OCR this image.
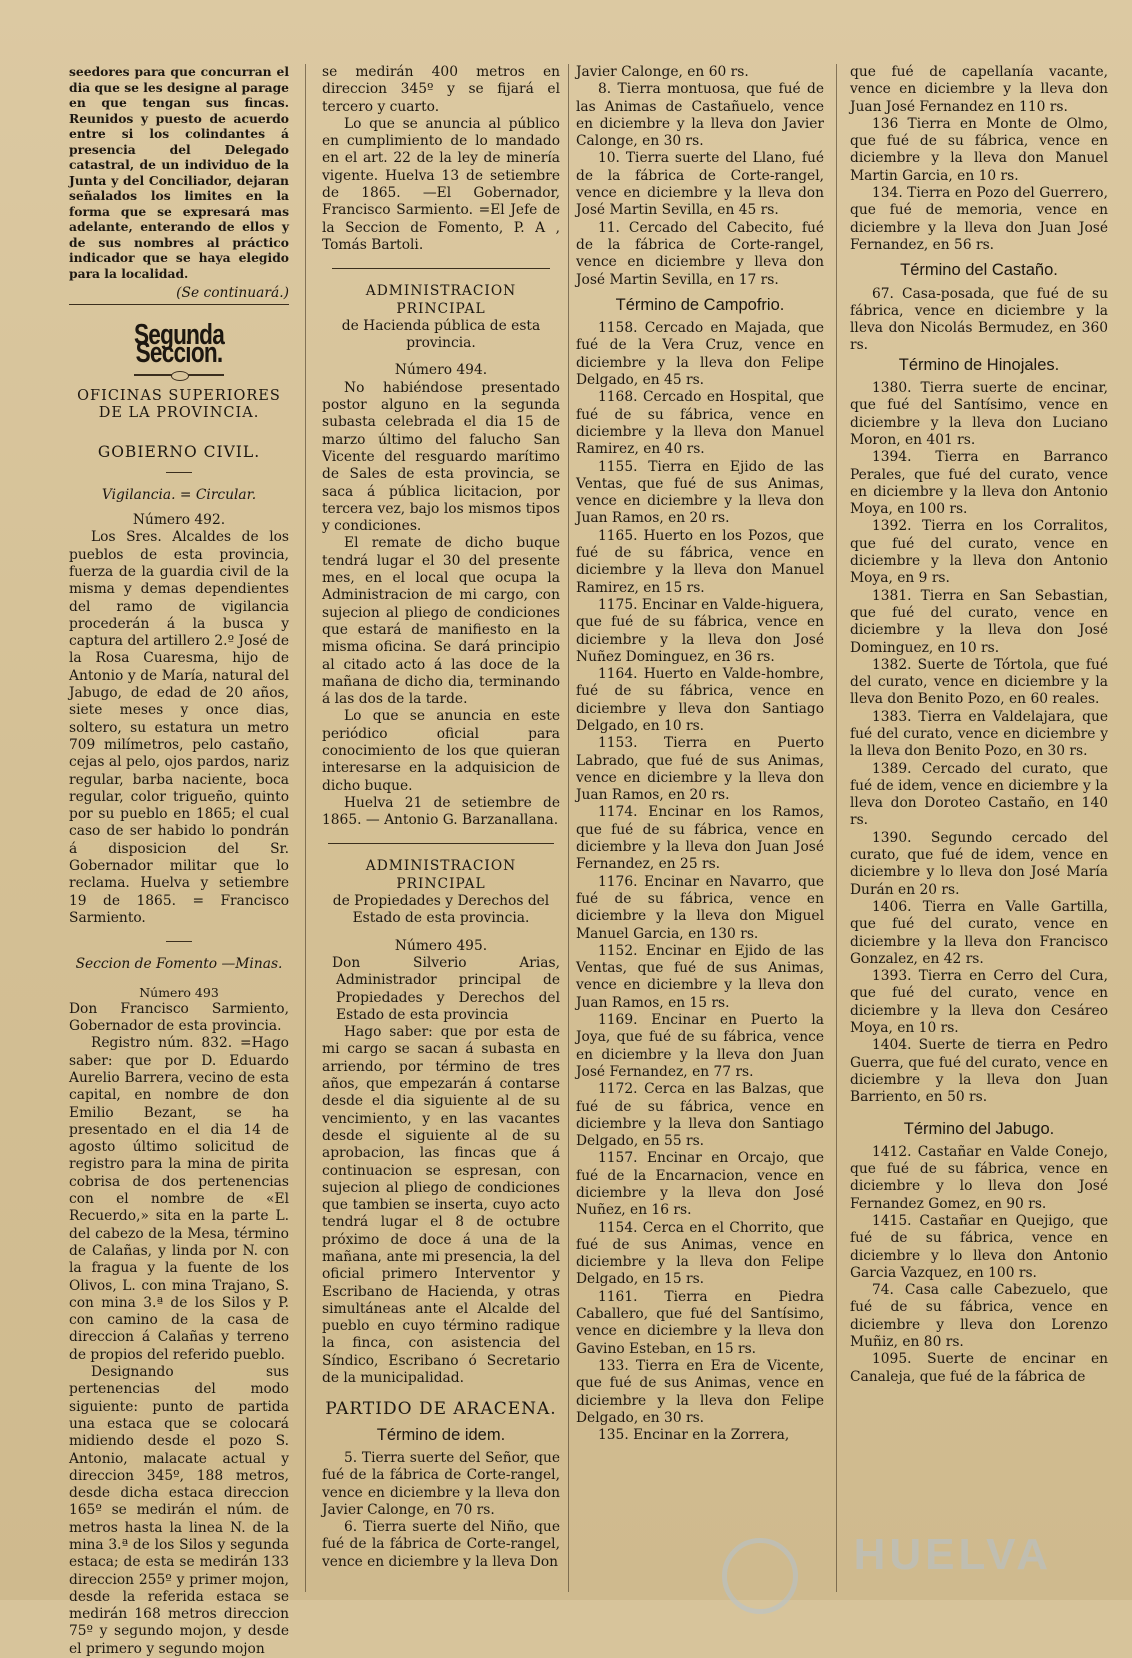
seedores para que concurran el dia que se les designe al parage en que tengan sus fincas. Reunidos y puesto de acuerdo entre si los colindantes á presencia del Delegado catastral, de un individuo de la Junta y del Conciliador, dejaran señalados los limites en la forma que se expresará mas adelante, enterando de ellos y de sus nombres al práctico indicador que se haya elegido para la localidad.

(Se continuará.)

Segunda Seccion.

OFICINAS SUPERIORES DE LA PROVINCIA.

GOBIERNO CIVIL.

Vigilancia. = Circular.

Número 492.

Los Sres. Alcaldes de los pueblos de esta provincia, fuerza de la guardia civil de la misma y demas dependientes del ramo de vigilancia procederán á la busca y captura del artillero 2.º José de la Rosa Cuaresma, hijo de Antonio y de María, natural del Jabugo, de edad de 20 años, siete meses y once dias, soltero, su estatura un metro 709 milímetros, pelo castaño, cejas al pelo, ojos pardos, nariz regular, barba naciente, boca regular, color trigueño, quinto por su pueblo en 1865; el cual caso de ser habido lo pondrán á disposicion del Sr. Gobernador militar que lo reclama. Huelva y setiembre 19 de 1865. = Francisco Sarmiento.

Seccion de Fomento —Minas.

Número 493

Don Francisco Sarmiento, Gobernador de esta provincia.

Registro núm. 832. =Hago saber: que por D. Eduardo Aurelio Barrera, vecino de esta capital, en nombre de don Emilio Bezant, se ha presentado en el dia 14 de agosto último solicitud de registro para la mina de pirita cobrisa de dos pertenencias con el nombre de «El Recuerdo,» sita en la parte L. del cabezo de la Mesa, término de Calañas, y linda por N. con la fragua y la fuente de los Olivos, L. con mina Trajano, S. con mina 3.ª de los Silos y P. con camino de la casa de direccion á Calañas y terreno de propios del referido pueblo.

Designando sus pertenencias del modo siguiente: punto de partida una estaca que se colocará midiendo desde el pozo S. Antonio, malacate actual y direccion 345º, 188 metros, desde dicha estaca direccion 165º se medirán el núm. de metros hasta la linea N. de la mina 3.ª de los Silos y segunda estaca; de esta se medirán 133 direccion 255º y primer mojon, desde la referida estaca se medirán 168 metros direccion 75º y segundo mojon, y desde el primero y segundo mojon

se medirán 400 metros en direccion 345º y se fijará el tercero y cuarto.

Lo que se anuncia al público en cumplimiento de lo mandado en el art. 22 de la ley de minería vigente. Huelva 13 de setiembre de 1865. —El Gobernador, Francisco Sarmiento. =El Jefe de la Seccion de Fomento, P. A , Tomás Bartoli.

ADMINISTRACION PRINCIPAL

de Hacienda pública de esta provincia.

Número 494.

No habiéndose presentado postor alguno en la segunda subasta celebrada el dia 15 de marzo último del falucho San Vicente del resguardo marítimo de Sales de esta provincia, se saca á pública licitacion, por tercera vez, bajo los mismos tipos y condiciones.

El remate de dicho buque tendrá lugar el 30 del presente mes, en el local que ocupa la Administracion de mi cargo, con sujecion al pliego de condiciones que estará de manifiesto en la misma oficina. Se dará principio al citado acto á las doce de la mañana de dicho dia, terminando á las dos de la tarde.

Lo que se anuncia en este periódico oficial para conocimiento de los que quieran interesarse en la adquisicion de dicho buque.

Huelva 21 de setiembre de 1865. — Antonio G. Barzanallana.

ADMINISTRACION PRINCIPAL

de Propiedades y Derechos del Estado de esta provincia.

Número 495.

Don Silverio Arias, Administrador principal de Propiedades y Derechos del Estado de esta provincia

Hago saber: que por esta de mi cargo se sacan á subasta en arriendo, por término de tres años, que empezarán á contarse desde el dia siguiente al de su vencimiento, y en las vacantes desde el siguiente al de su aprobacion, las fincas que á continuacion se espresan, con sujecion al pliego de condiciones que tambien se inserta, cuyo acto tendrá lugar el 8 de octubre próximo de doce á una de la mañana, ante mi presencia, la del oficial primero Interventor y Escribano de Hacienda, y otras simultáneas ante el Alcalde del pueblo en cuyo término radique la finca, con asistencia del Síndico, Escribano ó Secretario de la municipalidad.

PARTIDO DE ARACENA.

Término de idem.

5. Tierra suerte del Señor, que fué de la fábrica de Corte-rangel, vence en diciembre y la lleva don Javier Calonge, en 70 rs.

6. Tierra suerte del Niño, que fué de la fábrica de Corte-rangel, vence en diciembre y la lleva Don

Javier Calonge, en 60 rs.

8. Tierra montuosa, que fué de las Animas de Castañuelo, vence en diciembre y la lleva don Javier Calonge, en 30 rs.

10. Tierra suerte del Llano, fué de la fábrica de Corte-rangel, vence en diciembre y la lleva don José Martin Sevilla, en 45 rs.

11. Cercado del Cabecito, fué de la fábrica de Corte-rangel, vence en diciembre y lleva don José Martin Sevilla, en 17 rs.

Término de Campofrio.

1158. Cercado en Majada, que fué de la Vera Cruz, vence en diciembre y la lleva don Felipe Delgado, en 45 rs.

1168. Cercado en Hospital, que fué de su fábrica, vence en diciembre y la lleva don Manuel Ramirez, en 40 rs.

1155. Tierra en Ejido de las Ventas, que fué de sus Animas, vence en diciembre y la lleva don Juan Ramos, en 20 rs.

1165. Huerto en los Pozos, que fué de su fábrica, vence en diciembre y la lleva don Manuel Ramirez, en 15 rs.

1175. Encinar en Valde-higuera, que fué de su fábrica, vence en diciembre y la lleva don José Nuñez Dominguez, en 36 rs.

1164. Huerto en Valde-hombre, fué de su fábrica, vence en diciembre y lleva don Santiago Delgado, en 10 rs.

1153. Tierra en Puerto Labrado, que fué de sus Animas, vence en diciembre y la lleva don Juan Ramos, en 20 rs.

1174. Encinar en los Ramos, que fué de su fábrica, vence en diciembre y la lleva don Juan José Fernandez, en 25 rs.

1176. Encinar en Navarro, que fué de su fábrica, vence en diciembre y la lleva don Miguel Manuel Garcia, en 130 rs.

1152. Encinar en Ejido de las Ventas, que fué de sus Animas, vence en diciembre y la lleva don Juan Ramos, en 15 rs.

1169. Encinar en Puerto la Joya, que fué de su fábrica, vence en diciembre y la lleva don Juan José Fernandez, en 77 rs.

1172. Cerca en las Balzas, que fué de su fábrica, vence en diciembre y la lleva don Santiago Delgado, en 55 rs.

1157. Encinar en Orcajo, que fué de la Encarnacion, vence en diciembre y la lleva don José Nuñez, en 16 rs.

1154. Cerca en el Chorrito, que fué de sus Animas, vence en diciembre y la lleva don Felipe Delgado, en 15 rs.

1161. Tierra en Piedra Caballero, que fué del Santísimo, vence en diciembre y la lleva don Gavino Esteban, en 15 rs.

133. Tierra en Era de Vicente, que fué de sus Animas, vence en diciembre y la lleva don Felipe Delgado, en 30 rs.

135. Encinar en la Zorrera,

que fué de capellanía vacante, vence en diciembre y la lleva don Juan José Fernandez en 110 rs.

136 Tierra en Monte de Olmo, que fué de su fábrica, vence en diciembre y la lleva don Manuel Martin Garcia, en 10 rs.

134. Tierra en Pozo del Guerrero, que fué de memoria, vence en diciembre y la lleva don Juan José Fernandez, en 56 rs.

Término del Castaño.

67. Casa-posada, que fué de su fábrica, vence en diciembre y la lleva don Nicolás Bermudez, en 360 rs.

Término de Hinojales.

1380. Tierra suerte de encinar, que fué del Santísimo, vence en diciembre y la lleva don Luciano Moron, en 401 rs.

1394. Tierra en Barranco Perales, que fué del curato, vence en diciembre y la lleva don Antonio Moya, en 100 rs.

1392. Tierra en los Corralitos, que fué del curato, vence en diciembre y la lleva don Antonio Moya, en 9 rs.

1381. Tierra en San Sebastian, que fué del curato, vence en diciembre y la lleva don José Dominguez, en 10 rs.

1382. Suerte de Tórtola, que fué del curato, vence en diciembre y la lleva don Benito Pozo, en 60 reales.

1383. Tierra en Valdelajara, que fué del curato, vence en diciembre y la lleva don Benito Pozo, en 30 rs.

1389. Cercado del curato, que fué de idem, vence en diciembre y la lleva don Doroteo Castaño, en 140 rs.

1390. Segundo cercado del curato, que fué de idem, vence en diciembre y lo lleva don José María Durán en 20 rs.

1406. Tierra en Valle Gartilla, que fué del curato, vence en diciembre y la lleva don Francisco Gonzalez, en 42 rs.

1393. Tierra en Cerro del Cura, que fué del curato, vence en diciembre y la lleva don Cesáreo Moya, en 10 rs.

1404. Suerte de tierra en Pedro Guerra, que fué del curato, vence en diciembre y la lleva don Juan Barriento, en 50 rs.

Término del Jabugo.

1412. Castañar en Valde Conejo, que fué de su fábrica, vence en diciembre y lo lleva don José Fernandez Gomez, en 90 rs.

1415. Castañar en Quejigo, que fué de su fábrica, vence en diciembre y lo lleva don Antonio Garcia Vazquez, en 100 rs.

74. Casa calle Cabezuelo, que fué de su fábrica, vence en diciembre y lleva don Lorenzo Muñiz, en 80 rs.

1095. Suerte de encinar en Canaleja, que fué de la fábrica de

HUELVA
